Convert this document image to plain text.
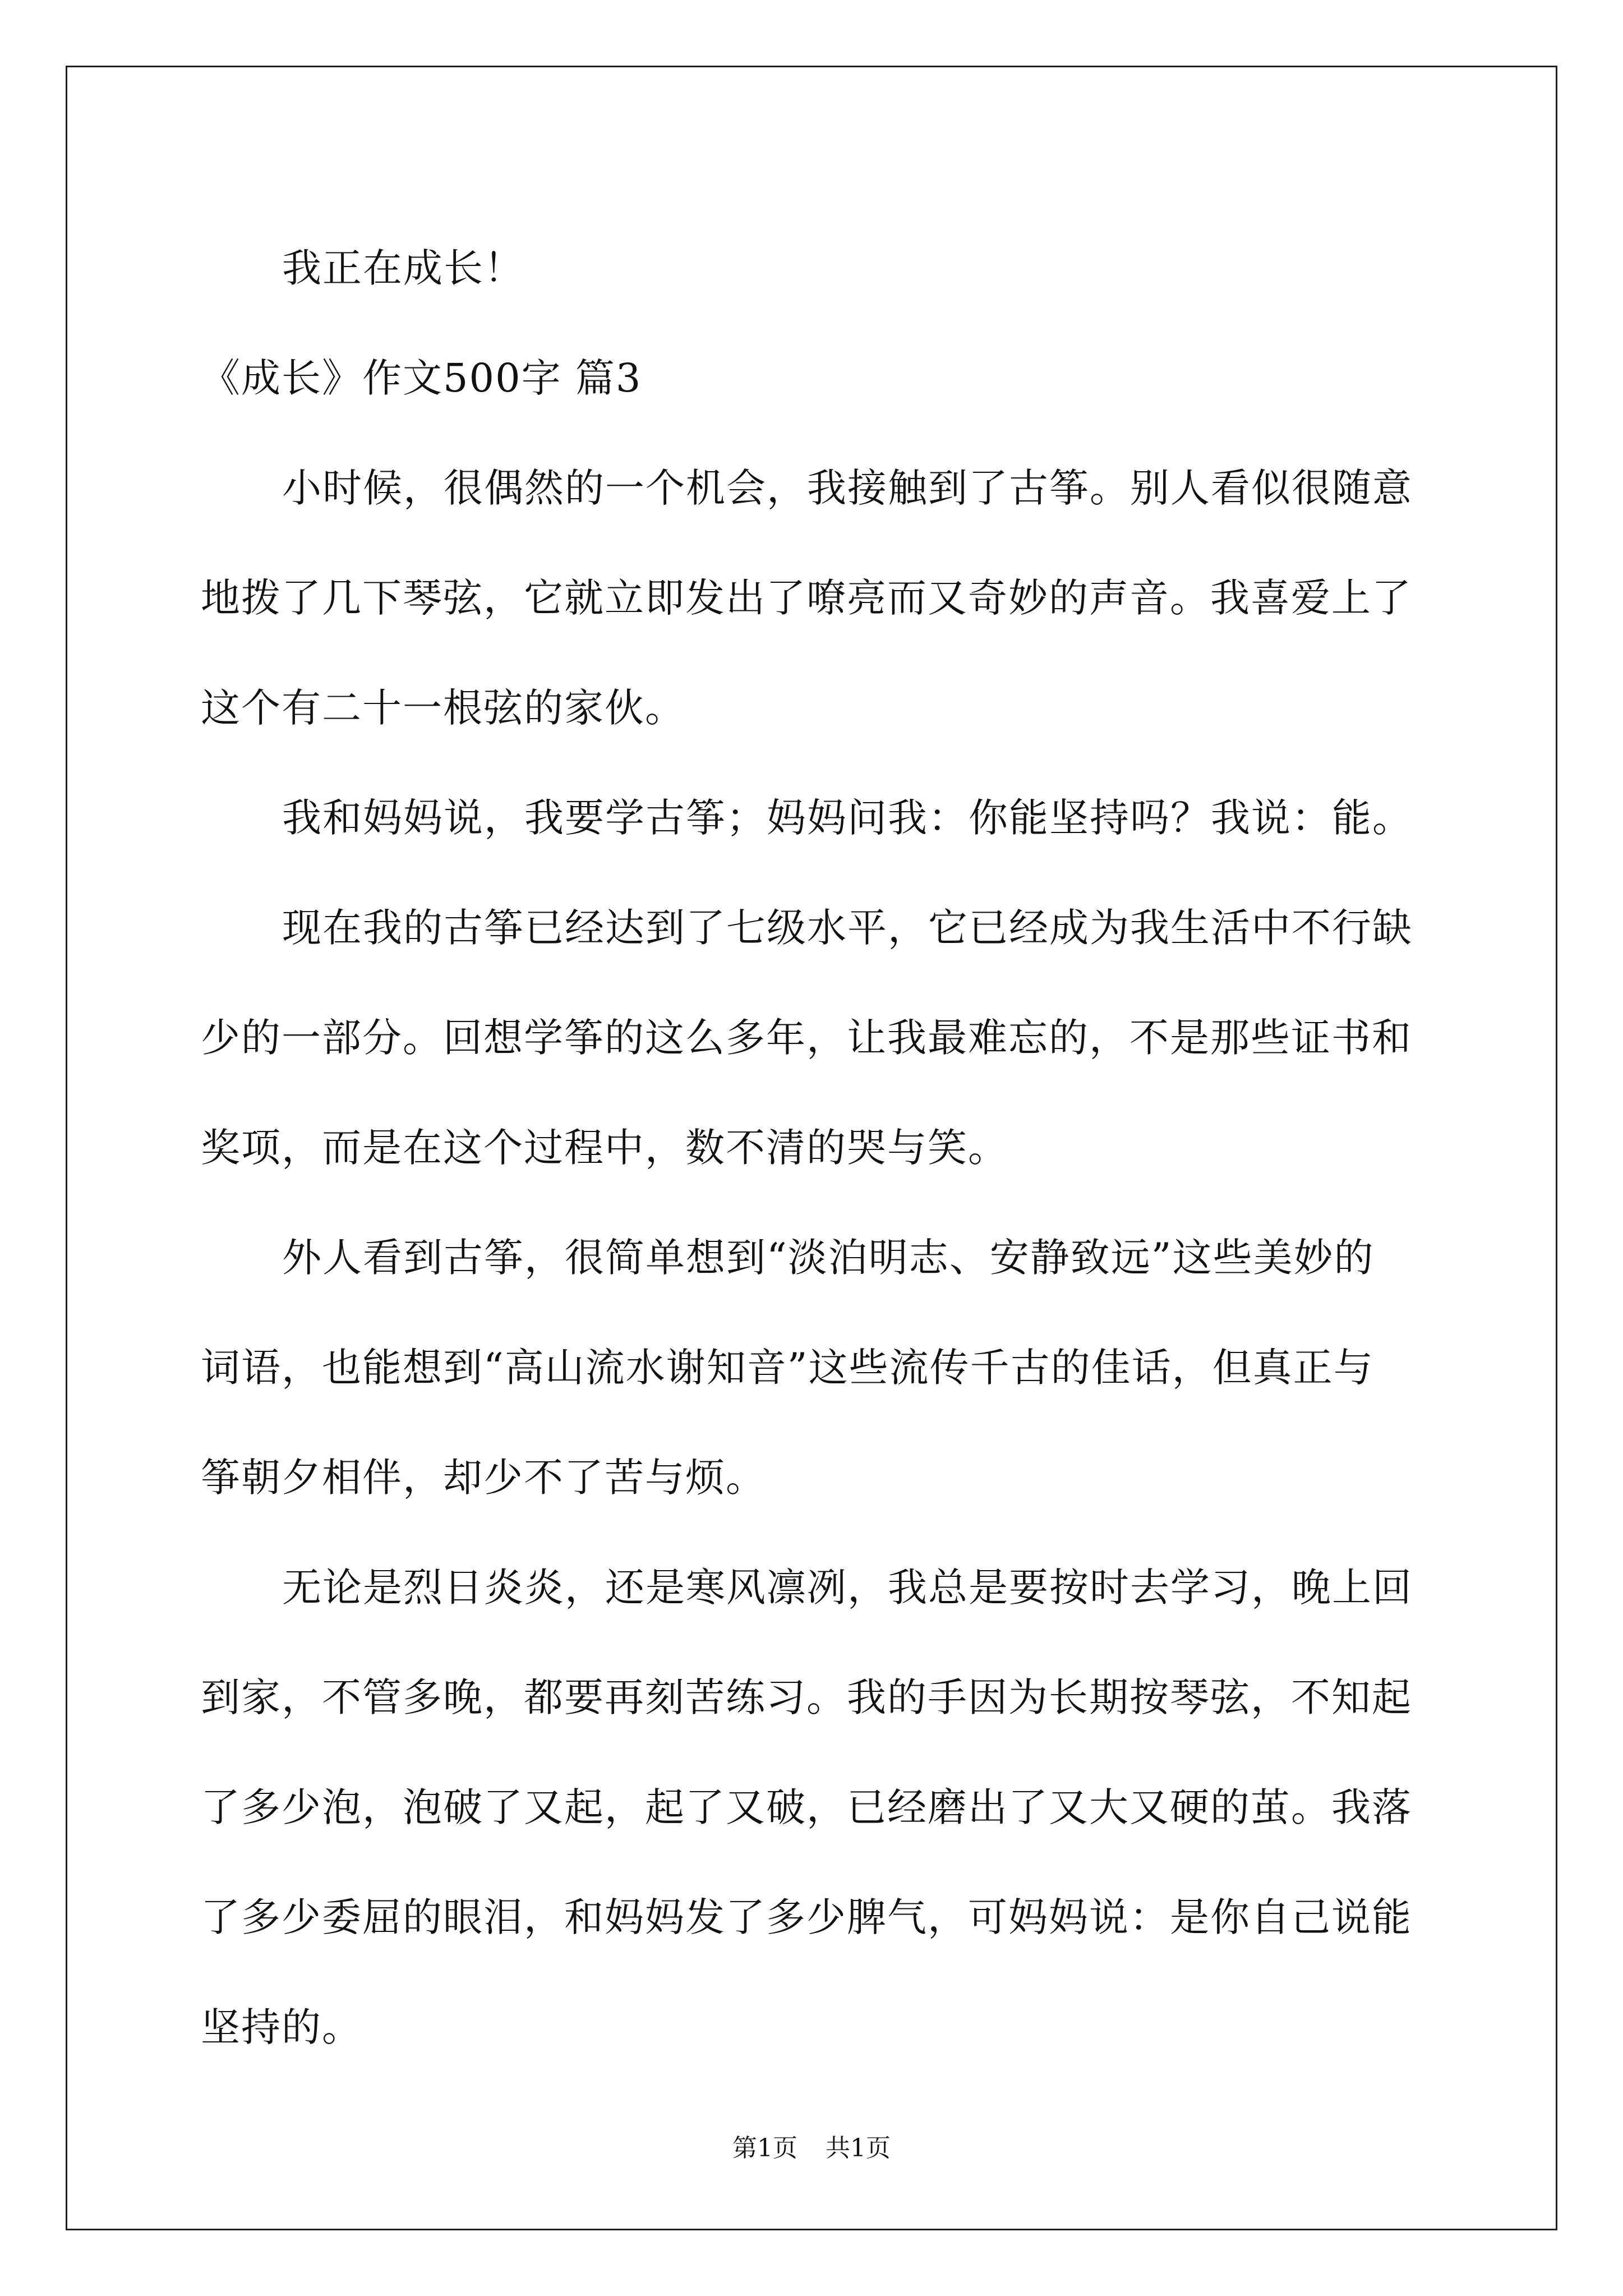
我正在成长！
《成长》作文500字 篇3
小时候，很偶然的一个机会，我接触到了古筝。别人看似很随意
地拨了几下琴弦，它就立即发出了嘹亮而又奇妙的声音。我喜爱上了
这个有二十一根弦的家伙。
我和妈妈说，我要学古筝；妈妈问我：你能坚持吗？我说：能。
现在我的古筝已经达到了七级水平，它已经成为我生活中不行缺
少的一部分。回想学筝的这么多年，让我最难忘的，不是那些证书和
奖项，而是在这个过程中，数不清的哭与笑。
外人看到古筝，很简单想到“淡泊明志、安静致远”这些美妙的
词语，也能想到“高山流水谢知音”这些流传千古的佳话，但真正与
筝朝夕相伴，却少不了苦与烦。
无论是烈日炎炎，还是寒风凛冽，我总是要按时去学习，晚上回
到家，不管多晚，都要再刻苦练习。我的手因为长期按琴弦，不知起
了多少泡，泡破了又起，起了又破，已经磨出了又大又硬的茧。我落
了多少委屈的眼泪，和妈妈发了多少脾气，可妈妈说：是你自己说能
坚持的。
第1页 共1页
